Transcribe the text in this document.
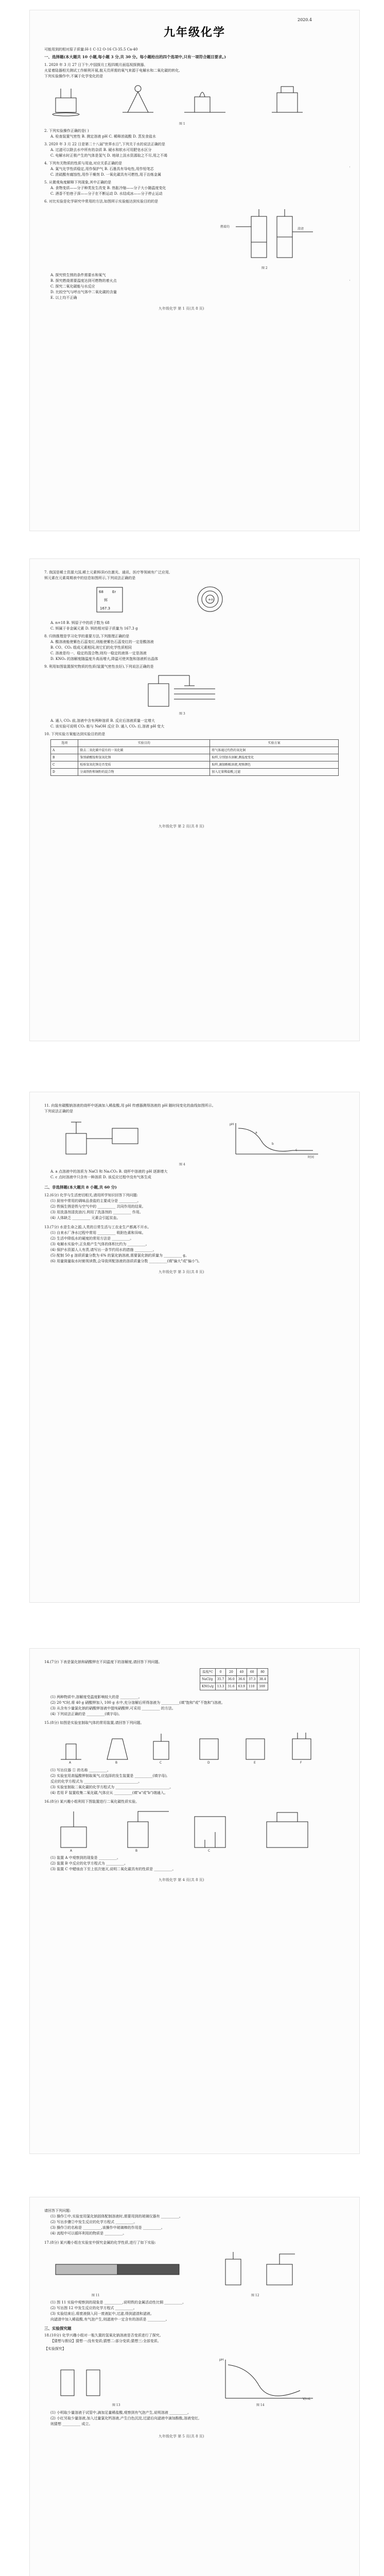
2020.4
九年级化学
可能用到的相对原子质量:H-1 C-12 O-16 Cl-35.5 Ca-40
一、选择题(本大题共 10 小题,每小题 3 分,共 30 分。每小题给出的四个选项中,只有一项符合题目要求。)
1. 2020 年 3 月 27 日下午,中国探月工程四期月面巡视探测器、
火星着陆器相关测试工作顺利开展,航天员所需的氧气来源于电解水和二氧化碳的转化,
下列实验操作中,不属于化学变化的是
图 1
2. 下列实验操作正确的是( )
A. 检查装置气密性 B. 测定溶液 pH C. 稀释浓硫酸 D. 蒸发食盐水
3. 2020 年 3 月 22 日是第二十八届"世界水日",下列关于水的说法正确的是
A. 过滤可以除去水中所有的杂质 B. 硬水和软水可用肥皂水区分
C. 电解水时正极产生的气体是氢气 D. 地球上淡水资源取之不尽,用之不竭
4. 下列有关物质的性质与用途,对应关系正确的是
A. 氮气化学性质稳定,用作保护气 B. 石墨具有导电性,用作铅笔芯
C. 浓硫酸有腐蚀性,用作干燥剂 D. 一氧化碳具有可燃性,用于冶炼金属
5. 从微观角度解释下列现象,其中正确的是
A. 食物变质——分子种类发生改变 B. 热胀冷缩——分子大小随温度变化
C. 酒香不怕巷子深——分子在不断运动 D. 水结成冰——分子停止运动
6. 对比实验是化学研究中常用的方法,如图所示实验能达到实验目的的是
燃着的
澄清
图 2
A. 探究铁生锈的条件需要水和氧气
B. 探究燃烧需要温度达到可燃物的着火点
C. 探究二氧化碳能与水反应
D. 比较空气与呼出气体中二氧化碳的含量
E. 以上均不正确
九年级化学 第 1 页(共 8 页)
·
·
7. 我国是稀土资源大国,稀土元素铒(Er)在激光、通讯、医疗等领域有广泛应用,
铒元素在元素周期表中的信息如图所示,下列说法正确的是
68 Er
铒
167.3
+n
A. n=18 B. 铒原子中的质子数为 68
C. 铒属于非金属元素 D. 铒的相对原子质量为 167.3 g
8. 归纳推理是学习化学的重要方法,下列推理正确的是
A. 酸溶液能使紫色石蕊变红,则能使紫色石蕊变红的一定是酸溶液
B. CO、CO₂ 组成元素相同,则它们的化学性质相同
C. 溶液是均一、稳定的混合物,则均一稳定的液体一定是溶液
D. KNO₃ 的溶解度随温度升高而增大,降温可使其饱和溶液析出晶体
9. 利用如图装置探究物质的性质(装置气密性良好),下列说法正确的是
图 3
A. 通入 CO₂ 前,溶液中含有两种溶质 B. 反应后溶液质量一定增大
C. 该实验可说明 CO₂ 能与 NaOH 反应 D. 通入 CO₂ 后,溶液 pH 变大
10. 下列实验方案能达到实验目的的是
选项	实验目的	实验方案
A	除去二氧化碳中混有的一氧化碳	将气体通过灼热的氧化铜
B	鉴别硝酸铵和氢氧化钠	取样,分别加水溶解,测温度变化
C	检验氢氧化钠是否变质	取样,滴加酚酞溶液,观察颜色
D	分离铁粉和铜粉的混合物	加入足量稀盐酸,过滤
九年级化学 第 2 页(共 8 页)
11. 向装有碳酸钠溶液的烧杯中逐滴加入稀盐酸,用 pH 传感器测得溶液的 pH 随时间变化的曲线如图所示。
下列说法正确的是
pH
时间
a
b
c
图 4
A. a 点溶液中的溶质为 NaCl 和 Na₂CO₃ B. 烧杯中溶液的 pH 逐渐增大
C. c 点时溶液中只含有一种溶质 D. 该反应过程中没有气体生成
二、非选择题(本大题共 8 小题,共 60 分)
12.(6分) 化学与生活密切相关,请用所学知识回答下列问题:
(1) 厨房中常用的调味品食盐的主要成分是 __________。
(2) 铁锅生锈是铁与空气中的 __________ 共同作用的结果。
(3) 用洗涤剂清洗油污,利用了洗涤剂的 __________ 作用。
(4) 人体缺乏 __________ 元素会引起贫血。
13.(7分) 水是生命之源,人类的日常生活与工农业生产都离不开水。
(1) 自来水厂净水过程中常用 __________ 吸附色素和异味。
(2) 生活中降低水的硬度的常用方法是 __________。
(3) 电解水实验中,正负极产生气体的体积比约为 __________。
(4) 保护水资源人人有责,请写出一条节约用水的措施 __________。
(5) 配制 50 g 溶质质量分数为 6% 的氯化钠溶液,需要氯化钠的质量为 __________ g。
(6) 用量筒量取水时俯视读数,会导致所配溶液的溶质质量分数 __________(填"偏大"或"偏小")。
九年级化学 第 3 页(共 8 页)
14.(7分) 下表是氯化钠和硝酸钾在不同温度下的溶解度,请回答下列问题。
温度/℃	0	20	40	60	80
NaCl/g	35.7	36.0	36.6	37.3	38.4
KNO₃/g	13.3	31.6	63.9	110	169
(1) 两种物质中,溶解度受温度影响较大的是 __________。
(2) 20 ℃时,将 40 g 硝酸钾加入 100 g 水中,充分溶解后所得溶液为 __________(填"饱和"或"不饱和")溶液。
(3) 从含有少量氯化钠的硝酸钾溶液中提纯硝酸钾,可采用 __________ 的方法。
(4) 下列说法正确的是 __________(填字母)。
15.(8分) 如图是实验室制取气体的常用装置,请回答下列问题。
A	B	C	D	E	F
(1) 写出仪器 ① 的名称 __________。
(2) 实验室用高锰酸钾制取氧气,应选择的发生装置是 __________(填字母),
反应的化学方程式为 ______________________________。
(3) 实验室制取二氧化碳的化学方程式为 ______________________________。
(4) 若用 F 装置收集二氧化碳,气体应从 __________(填"a"或"b")端通入。
16.(8分) 某兴趣小组利用下图装置进行二氧化碳性质实验。
A	B	C
(1) 装置 A 中观察到的现象是 __________。
(2) 装置 B 中反应的化学方程式为 __________。
(3) 装置 C 中蜡烛由下至上依次熄灭,说明二氧化碳具有的性质是 __________。
九年级化学 第 4 页(共 8 页)
请回答下列问题:
(1) 操作①中,实验室用氯化钠固体配制溶液时,需要用到的玻璃仪器有 __________。
(2) 写出步骤②中发生反应的化学方程式 __________。
(3) 操作③的名称是 __________,该操作中玻璃棒的作用是 __________。
(4) 流程中可以循环利用的物质是 __________。
17.(8分) 某兴趣小组在实验室中探究金属的化学性质,进行了如下实验:
图 11	图 12
(1) 图 11 实验中观察到的现象是 __________,说明铁的金属活动性比铜 __________。
(2) 写出图 12 中发生反应的化学方程式 __________。
(3) 实验结束后,将废液倒入同一废液缸中,过滤,得到滤渣和滤液。
向滤渣中加入稀盐酸,有气泡产生,则滤液中一定含有的溶质是 __________。
三、实验探究题
18.(10分) 化学兴趣小组对一瓶久置的氢氧化钠溶液是否变质进行了探究。
【猜想与假设】猜想一:没有变质;猜想二:部分变质;猜想三:全部变质。
【实验探究】
pH
V/mL
图 13	图 14
(1) 小明取少量溶液于试管中,滴加足量稀盐酸,观察到有气泡产生,说明溶液 __________。
(2) 小红另取少量溶液,加入过量氯化钙溶液,产生白色沉淀,过滤后向滤液中滴加酚酞,溶液变红,
则猜想 __________ 成立。
九年级化学 第 5 页(共 8 页)
